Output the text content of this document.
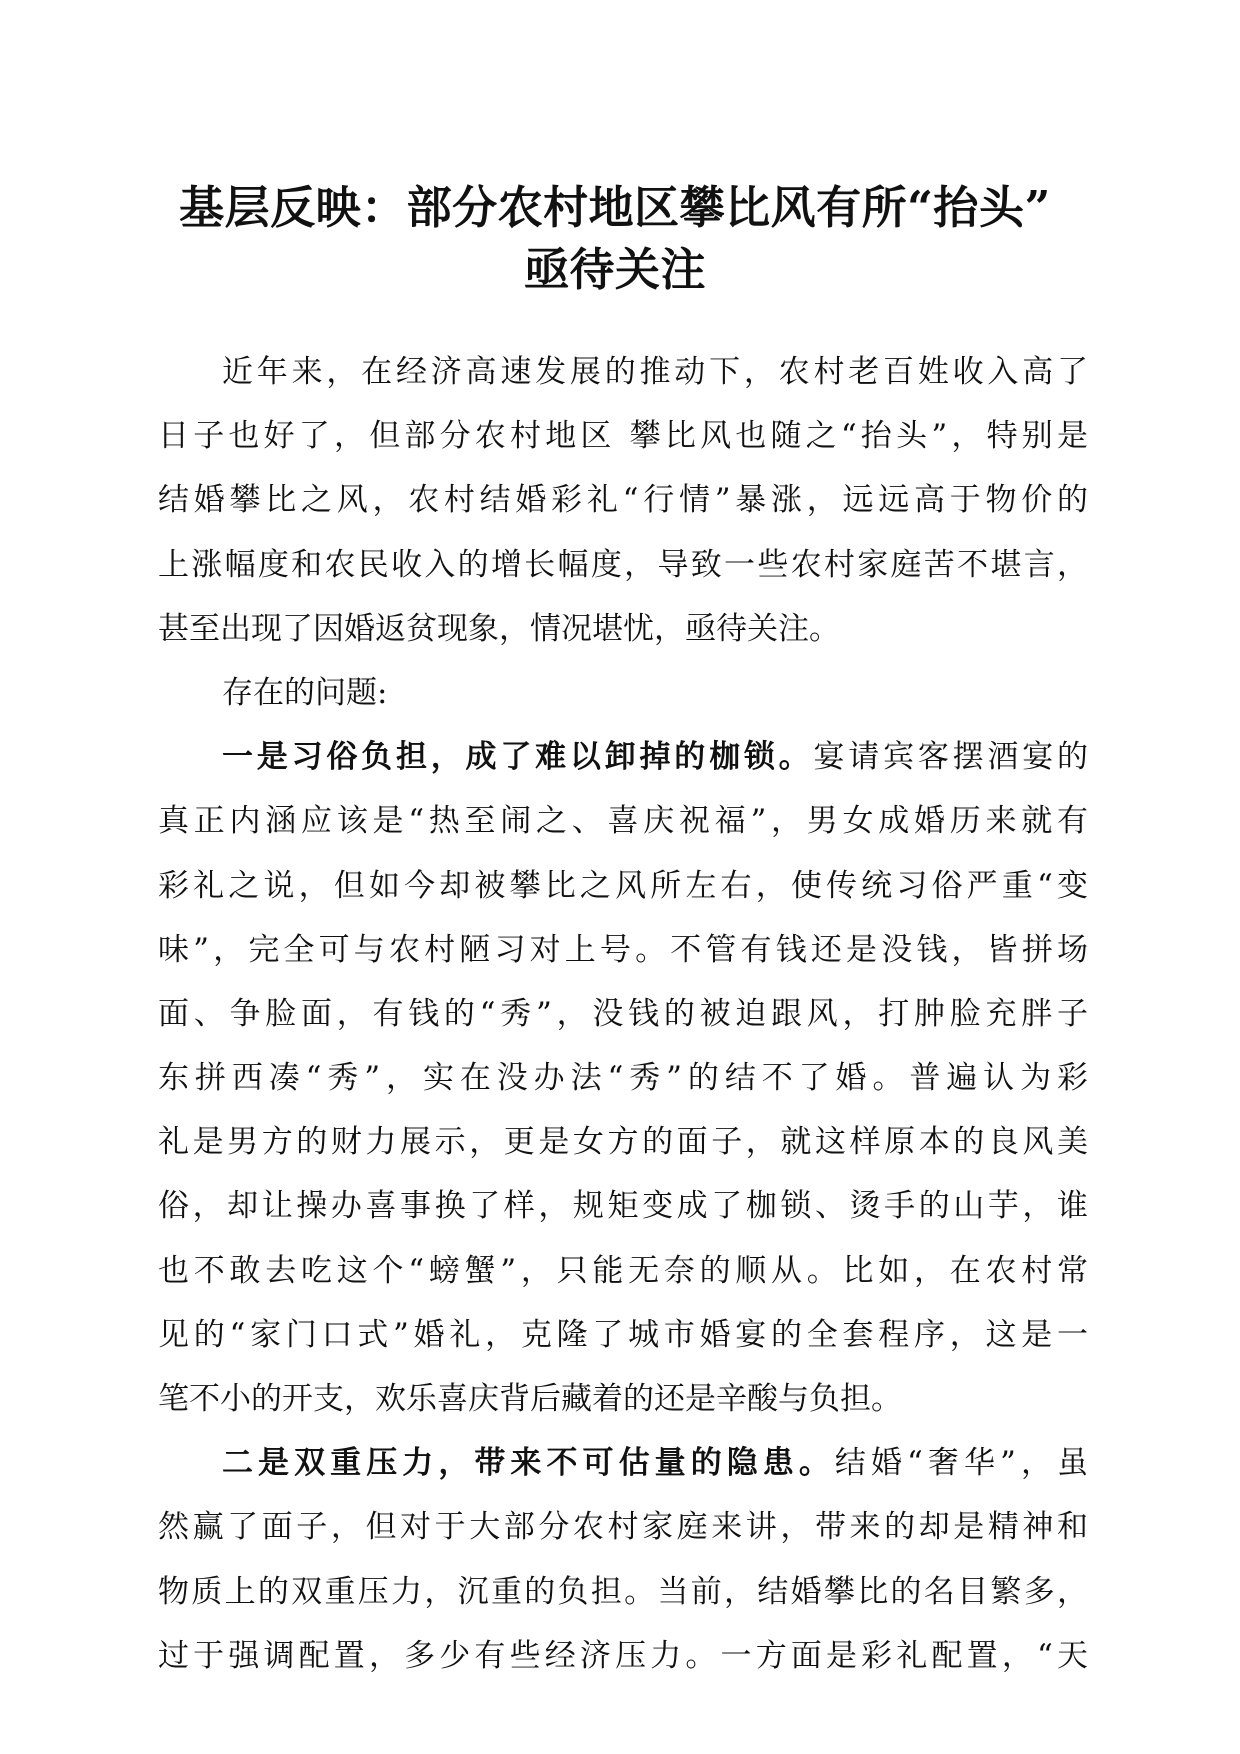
基层反映：部分农村地区攀比风有所“抬头”
亟待关注
近年来，在经济高速发展的推动下，农村老百姓收入高了
日子也好了，但部分农村地区 攀比风也随之“抬头”，特别是
结婚攀比之风，农村结婚彩礼“行情”暴涨，远远高于物价的
上涨幅度和农民收入的增长幅度，导致一些农村家庭苦不堪言，
甚至出现了因婚返贫现象，情况堪忧，亟待关注。
存在的问题:
一是习俗负担，成了难以卸掉的枷锁。宴请宾客摆酒宴的
真正内涵应该是“热至闹之、喜庆祝福”，男女成婚历来就有
彩礼之说，但如今却被攀比之风所左右，使传统习俗严重“变
味”，完全可与农村陋习对上号。不管有钱还是没钱，皆拼场
面、争脸面，有钱的“秀”，没钱的被迫跟风，打肿脸充胖子
东拼西凑“秀”，实在没办法“秀”的结不了婚。普遍认为彩
礼是男方的财力展示，更是女方的面子，就这样原本的良风美
俗，却让操办喜事换了样，规矩变成了枷锁、烫手的山芋，谁
也不敢去吃这个“螃蟹”，只能无奈的顺从。比如，在农村常
见的“家门口式”婚礼，克隆了城市婚宴的全套程序，这是一
笔不小的开支，欢乐喜庆背后藏着的还是辛酸与负担。
二是双重压力，带来不可估量的隐患。结婚“奢华”，虽
然赢了面子，但对于大部分农村家庭来讲，带来的却是精神和
物质上的双重压力，沉重的负担。当前，结婚攀比的名目繁多，
过于强调配置，多少有些经济压力。一方面是彩礼配置，“天
